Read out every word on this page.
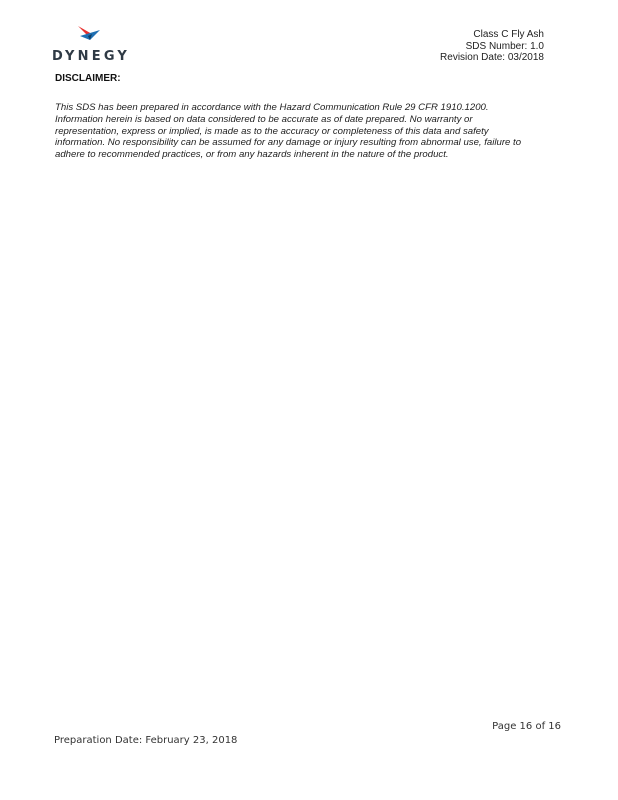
DYNEGY
Class C Fly Ash
SDS Number: 1.0
Revision Date: 03/2018
DISCLAIMER:
This SDS has been prepared in accordance with the Hazard Communication Rule 29 CFR 1910.1200.
Information herein is based on data considered to be accurate as of date prepared. No warranty or
representation, express or implied, is made as to the accuracy or completeness of this data and safety
information. No responsibility can be assumed for any damage or injury resulting from abnormal use, failure to
adhere to recommended practices, or from any hazards inherent in the nature of the product.
Page 16 of 16
Preparation Date: February 23, 2018
